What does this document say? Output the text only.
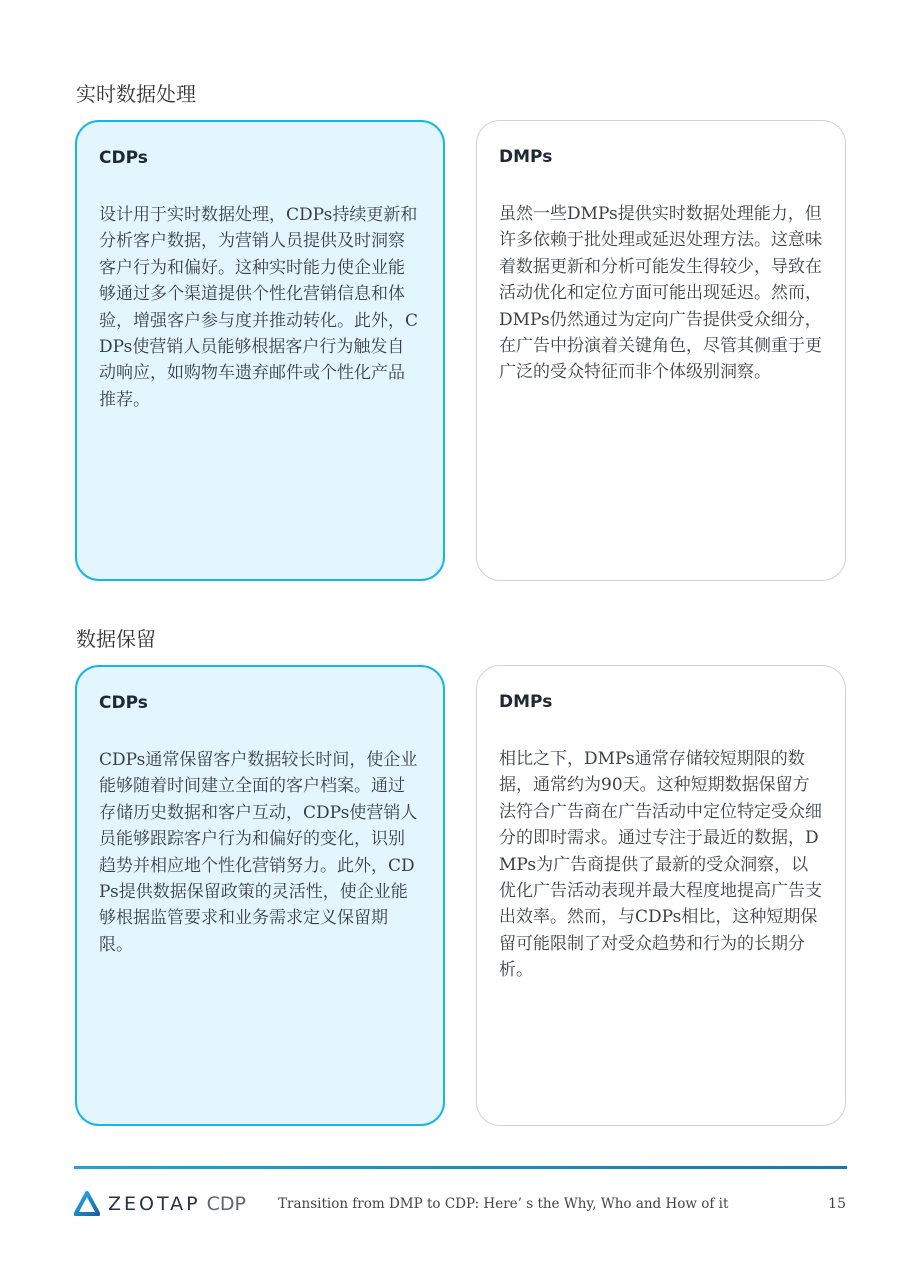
实时数据处理
CDPs

设计用于实时数据处理，CDPs持续更新和分析客户数据，为营销人员提供及时洞察客户行为和偏好。这种实时能力使企业能够通过多个渠道提供个性化营销信息和体验，增强客户参与度并推动转化。此外，CDPs使营销人员能够根据客户行为触发自动响应，如购物车遗弃邮件或个性化产品推荐。

DMPs

虽然一些DMPs提供实时数据处理能力，但许多依赖于批处理或延迟处理方法。这意味着数据更新和分析可能发生得较少，导致在活动优化和定位方面可能出现延迟。然而，DMPs仍然通过为定向广告提供受众细分，在广告中扮演着关键角色，尽管其侧重于更广泛的受众特征而非个体级别洞察。

数据保留
CDPs

CDPs通常保留客户数据较长时间，使企业能够随着时间建立全面的客户档案。通过存储历史数据和客户互动，CDPs使营销人员能够跟踪客户行为和偏好的变化，识别趋势并相应地个性化营销努力。此外，CDPs提供数据保留政策的灵活性，使企业能够根据监管要求和业务需求定义保留期限。

DMPs

相比之下，DMPs通常存储较短期限的数据，通常约为90天。这种短期数据保留方法符合广告商在广告活动中定位特定受众细分的即时需求。通过专注于最近的数据，DMPs为广告商提供了最新的受众洞察，以优化广告活动表现并最大程度地提高广告支出效率。然而，与CDPs相比，这种短期保留可能限制了对受众趋势和行为的长期分析。

ZEOTAP CDP Transition from DMP to CDP: Here’ s the Why, Who and How of it	15
